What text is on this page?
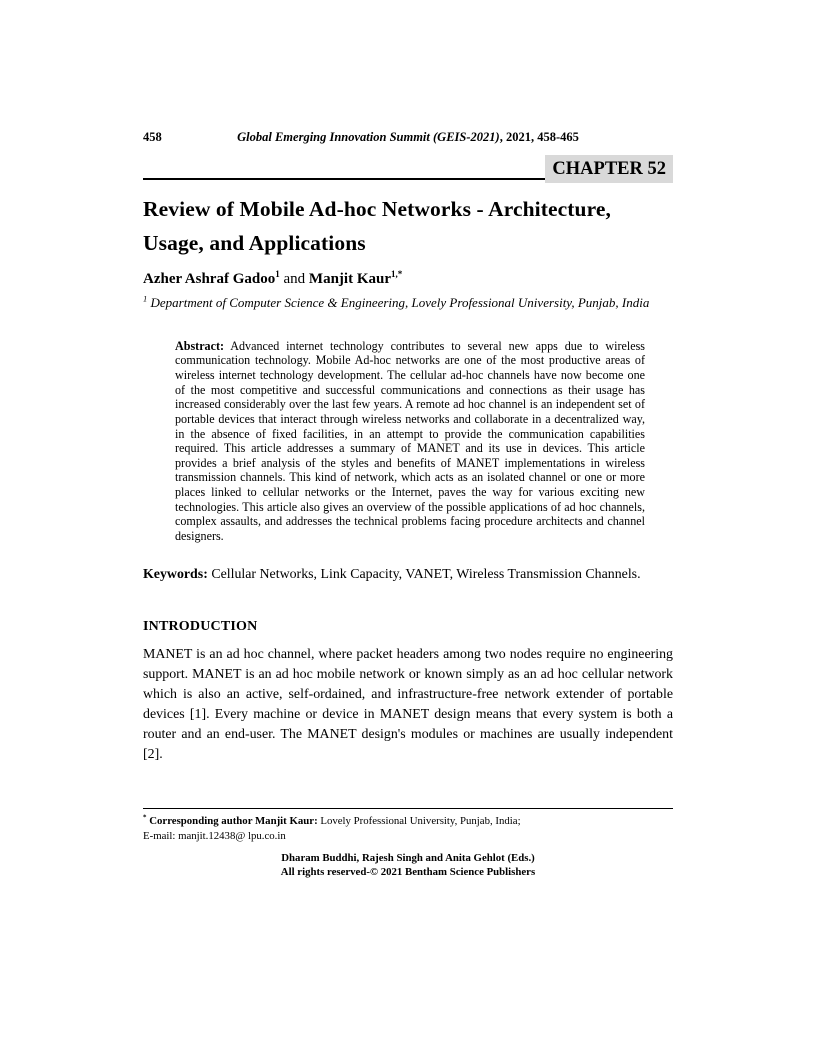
458	Global Emerging Innovation Summit (GEIS-2021), 2021, 458-465
CHAPTER 52
Review of Mobile Ad-hoc Networks - Architecture, Usage, and Applications

Azher Ashraf Gadoo$^1$ and Manjit Kaur$^{1,*}$

$^1$ Department of Computer Science & Engineering, Lovely Professional University, Punjab, India

Abstract: Advanced internet technology contributes to several new apps due to wireless communication technology. Mobile Ad-hoc networks are one of the most productive areas of wireless internet technology development. The cellular ad-hoc channels have now become one of the most competitive and successful communications and connections as their usage has increased considerably over the last few years. A remote ad hoc channel is an independent set of portable devices that interact through wireless networks and collaborate in a decentralized way, in the absence of fixed facilities, in an attempt to provide the communication capabilities required. This article addresses a summary of MANET and its use in devices. This article provides a brief analysis of the styles and benefits of MANET implementations in wireless transmission channels. This kind of network, which acts as an isolated channel or one or more places linked to cellular networks or the Internet, paves the way for various exciting new technologies. This article also gives an overview of the possible applications of ad hoc channels, complex assaults, and addresses the technical problems facing procedure architects and channel designers.

Keywords: Cellular Networks, Link Capacity, VANET, Wireless Transmission Channels.

INTRODUCTION

MANET is an ad hoc channel, where packet headers among two nodes require no engineering support. MANET is an ad hoc mobile network or known simply as an ad hoc cellular network which is also an active, self-ordained, and infrastructure-free network extender of portable devices [1]. Every machine or device in MANET design means that every system is both a router and an end-user. The MANET design's modules or machines are usually independent [2].

* Corresponding author Manjit Kaur: Lovely Professional University, Punjab, India;
E-mail: manjit.12438@ lpu.co.in
Dharam Buddhi, Rajesh Singh and Anita Gehlot (Eds.)
All rights reserved-© 2021 Bentham Science Publishers
